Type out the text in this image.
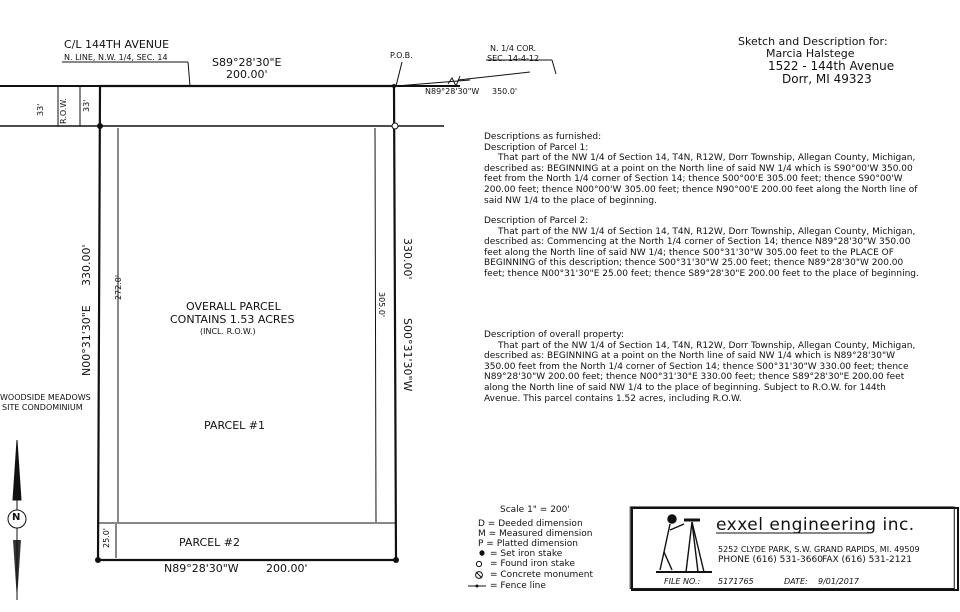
C/L 144TH AVENUE
N. LINE, N.W. 1/4, SEC. 14
33' R.O.W. 33'
P.O.B.
N. 1/4 COR.
SEC. 14-4-12
N89°28'30"W 350.0'
S89°28'30"E
200.00'
330.00'
N00°31'30"E
272.0'
330.00'
S00°31'30"W
305.0'
N89°28'30"W 200.00'
25.0'
OVERALL PARCEL
CONTAINS 1.53 ACRES
(INCL. R.O.W.)
PARCEL #1
PARCEL #2
WOODSIDE MEADOWS
SITE CONDOMINIUM
N
Sketch and Description for:
Marcia Halstege
1522 - 144th Avenue
Dorr, MI 49323

Descriptions as furnished:

Description of Parcel 1:

That part of the NW 1/4 of Section 14, T4N, R12W, Dorr Township, Allegan County, Michigan, described as: BEGINNING at a point on the North line of said NW 1/4 which is S90°00'W 350.00 feet from the North 1/4 corner of Section 14; thence S00°00'E 305.00 feet; thence S90°00'W 200.00 feet; thence N00°00'W 305.00 feet; thence N90°00'E 200.00 feet along the North line of said NW 1/4 to the place of beginning.

Description of Parcel 2:

That part of the NW 1/4 of Section 14, T4N, R12W, Dorr Township, Allegan County, Michigan, described as: Commencing at the North 1/4 corner of Section 14; thence N89°28'30"W 350.00 feet along the North line of said NW 1/4; thence S00°31'30"W 305.00 feet to the PLACE OF BEGINNING of this description; thence S00°31'30"W 25.00 feet; thence N89°28'30"W 200.00 feet; thence N00°31'30"E 25.00 feet; thence S89°28'30"E 200.00 feet to the place of beginning.

Description of overall property:

That part of the NW 1/4 of Section 14, T4N, R12W, Dorr Township, Allegan County, Michigan, described as: BEGINNING at a point on the North line of said NW 1/4 which is N89°28'30"W 350.00 feet from the North 1/4 corner of Section 14; thence S00°31'30"W 330.00 feet; thence N89°28'30"W 200.00 feet; thence N00°31'30"E 330.00 feet; thence S89°28'30"E 200.00 feet along the North line of said NW 1/4 to the place of beginning. Subject to R.O.W. for 144th Avenue. This parcel contains 1.52 acres, including R.O.W.

Scale 1" = 200'
D = Deeded dimension
M = Measured dimension
P = Platted dimension
= Set iron stake
= Found iron stake
= Concrete monument
= Fence line
exxel engineering inc.
5252 CLYDE PARK, S.W. GRAND RAPIDS, MI. 49509
PHONE (616) 531-3660 FAX (616) 531-2121
FILE NO.: 5171765	DATE: 9/01/2017
